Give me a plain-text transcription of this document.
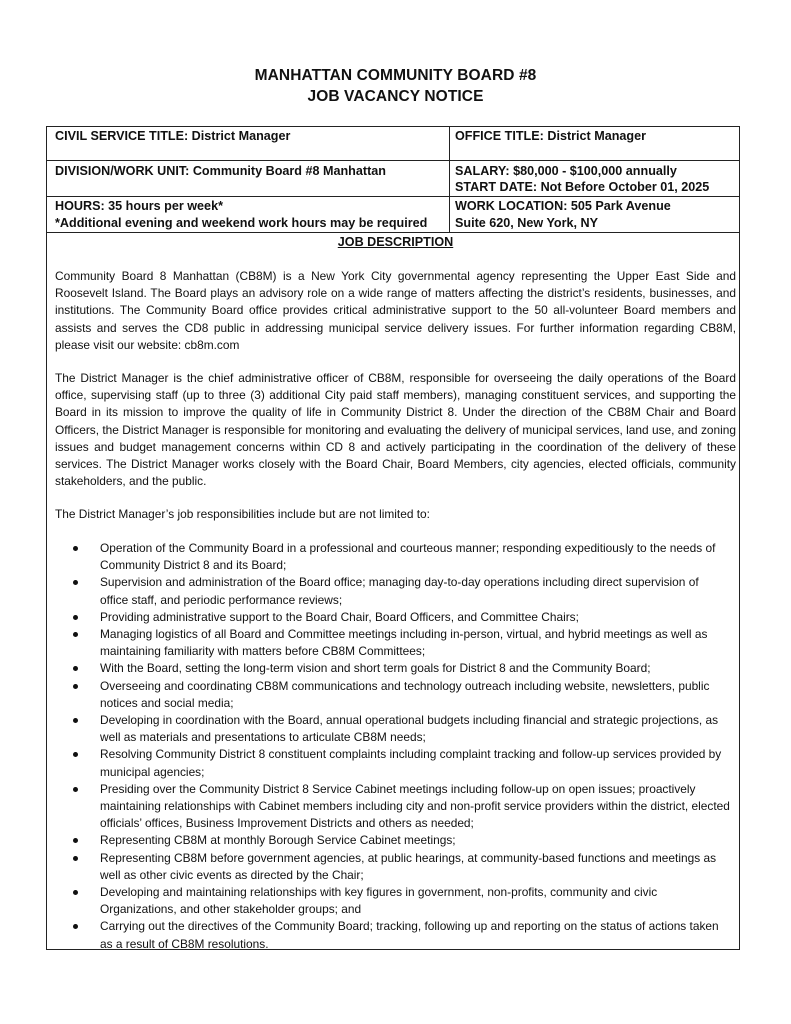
MANHATTAN COMMUNITY BOARD #8
JOB VACANCY NOTICE
CIVIL SERVICE TITLE: District Manager	OFFICE TITLE: District Manager
DIVISION/WORK UNIT: Community Board #8 Manhattan	SALARY: $80,000 - $100,000 annually
START DATE: Not Before October 01, 2025
HOURS: 35 hours per week*
*Additional evening and weekend work hours may be required
WORK LOCATION: 505 Park Avenue
Suite 620, New York, NY
JOB DESCRIPTION

Community Board 8 Manhattan (CB8M) is a New York City governmental agency representing the Upper East Side and Roosevelt Island. The Board plays an advisory role on a wide range of matters affecting the district’s residents, businesses, and institutions. The Community Board office provides critical administrative support to the 50 all-volunteer Board members and assists and serves the CD8 public in addressing municipal service delivery issues. For further information regarding CB8M, please visit our website: cb8m.com

The District Manager is the chief administrative officer of CB8M, responsible for overseeing the daily operations of the Board office, supervising staff (up to three (3) additional City paid staff members), managing constituent services, and supporting the Board in its mission to improve the quality of life in Community District 8. Under the direction of the CB8M Chair and Board Officers, the District Manager is responsible for monitoring and evaluating the delivery of municipal services, land use, and zoning issues and budget management concerns within CD 8 and actively participating in the coordination of the delivery of these services. The District Manager works closely with the Board Chair, Board Members, city agencies, elected officials, community stakeholders, and the public.

The District Manager’s job responsibilities include but are not limited to:

Operation of the Community Board in a professional and courteous manner; responding expeditiously to the needs of Community District 8 and its Board;
Supervision and administration of the Board office; managing day-to-day operations including direct supervision of office staff, and periodic performance reviews;
Providing administrative support to the Board Chair, Board Officers, and Committee Chairs;
Managing logistics of all Board and Committee meetings including in-person, virtual, and hybrid meetings as well as maintaining familiarity with matters before CB8M Committees;
With the Board, setting the long-term vision and short term goals for District 8 and the Community Board;
Overseeing and coordinating CB8M communications and technology outreach including website, newsletters, public notices and social media;
Developing in coordination with the Board, annual operational budgets including financial and strategic projections, as well as materials and presentations to articulate CB8M needs;
Resolving Community District 8 constituent complaints including complaint tracking and follow-up services provided by municipal agencies;
Presiding over the Community District 8 Service Cabinet meetings including follow-up on open issues; proactively maintaining relationships with Cabinet members including city and non-profit service providers within the district, elected officials’ offices, Business Improvement Districts and others as needed;
Representing CB8M at monthly Borough Service Cabinet meetings;
Representing CB8M before government agencies, at public hearings, at community-based functions and meetings as well as other civic events as directed by the Chair;
Developing and maintaining relationships with key figures in government, non-profits, community and civic Organizations, and other stakeholder groups; and
Carrying out the directives of the Community Board; tracking, following up and reporting on the status of actions taken as a result of CB8M resolutions.
